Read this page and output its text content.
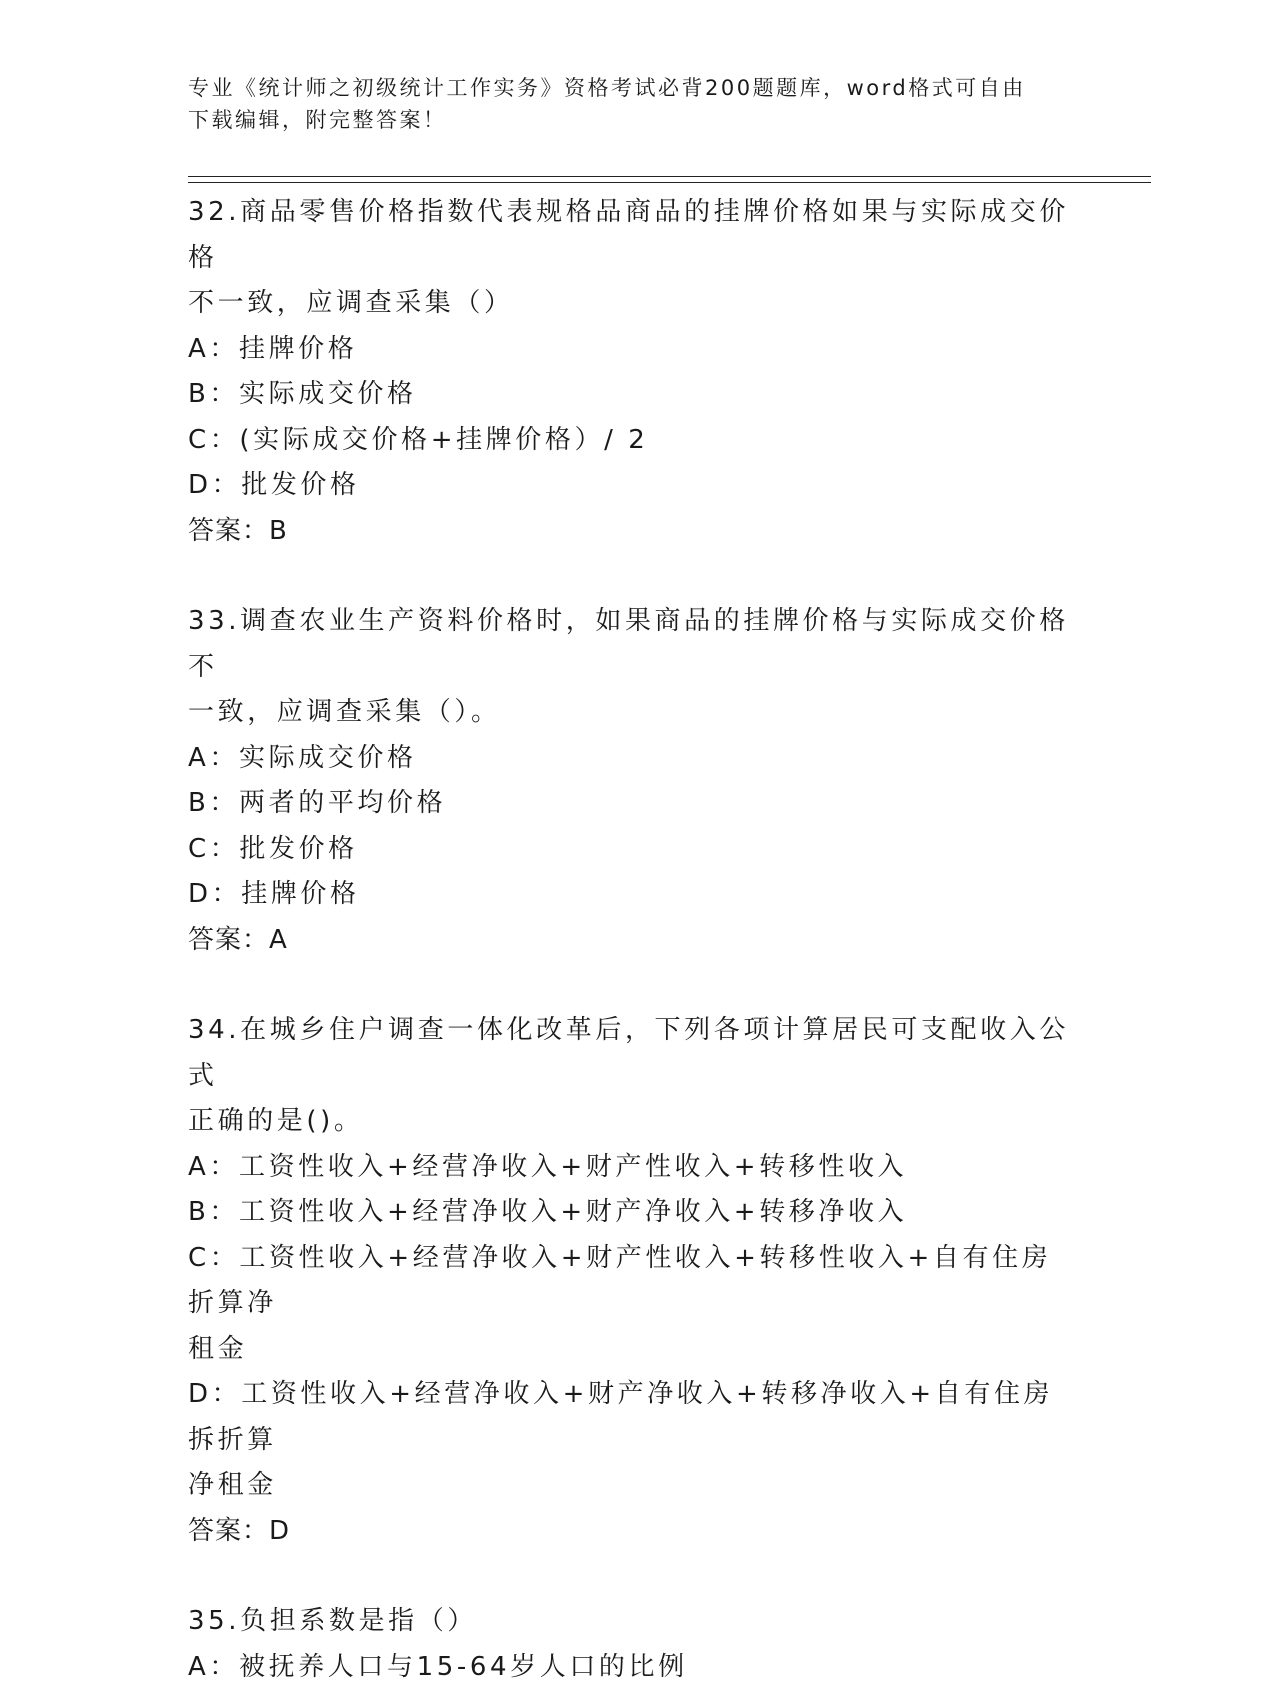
专业《统计师之初级统计工作实务》资格考试必背200题题库，word格式可自由
下载编辑，附完整答案！
32.商品零售价格指数代表规格品商品的挂牌价格如果与实际成交价格
不一致，应调查采集（）
A：挂牌价格
B：实际成交价格
C：(实际成交价格+挂牌价格）/ 2
D：批发价格
答案：B
33.调查农业生产资料价格时，如果商品的挂牌价格与实际成交价格不
一致，应调查采集（）。
A：实际成交价格
B：两者的平均价格
C：批发价格
D：挂牌价格
答案：A
34.在城乡住户调查一体化改革后，下列各项计算居民可支配收入公式
正确的是()。
A：工资性收入+经营净收入+财产性收入+转移性收入
B：工资性收入+经营净收入+财产净收入+转移净收入
C：工资性收入+经营净收入+财产性收入+转移性收入+自有住房折算净
租金
D：工资性收入+经营净收入+财产净收入+转移净收入+自有住房拆折算
净租金
答案：D
35.负担系数是指（）
A：被抚养人口与15-64岁人口的比例
